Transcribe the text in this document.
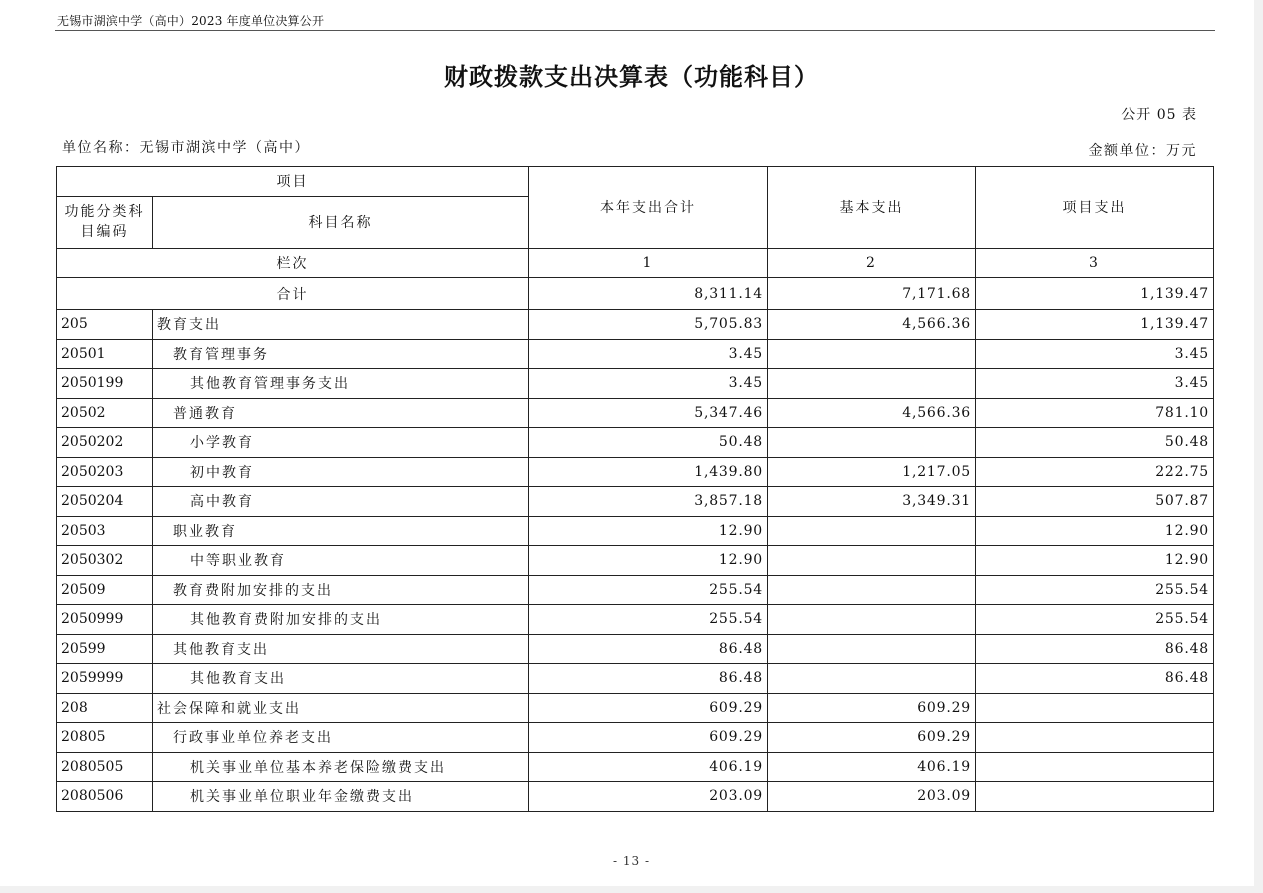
无锡市湖滨中学（高中）2023 年度单位决算公开
财政拨款支出决算表（功能科目）
公开 05 表
单位名称：无锡市湖滨中学（高中）	金额单位：万元
项目		本年支出合计	基本支出	项目支出
功能分类科目编码	科目名称			
栏次		1	2	3
合计		8,311.14	7,171.68	1,139.47
205	教育支出	5,705.83	4,566.36	1,139.47
20501	教育管理事务	3.45		3.45
2050199	其他教育管理事务支出	3.45		3.45
20502	普通教育	5,347.46	4,566.36	781.10
2050202	小学教育	50.48		50.48
2050203	初中教育	1,439.80	1,217.05	222.75
2050204	高中教育	3,857.18	3,349.31	507.87
20503	职业教育	12.90		12.90
2050302	中等职业教育	12.90		12.90
20509	教育费附加安排的支出	255.54		255.54
2050999	其他教育费附加安排的支出	255.54		255.54
20599	其他教育支出	86.48		86.48
2059999	其他教育支出	86.48		86.48
208	社会保障和就业支出	609.29	609.29	
20805	行政事业单位养老支出	609.29	609.29	
2080505	机关事业单位基本养老保险缴费支出	406.19	406.19	
2080506	机关事业单位职业年金缴费支出	203.09	203.09	
- 13 -
